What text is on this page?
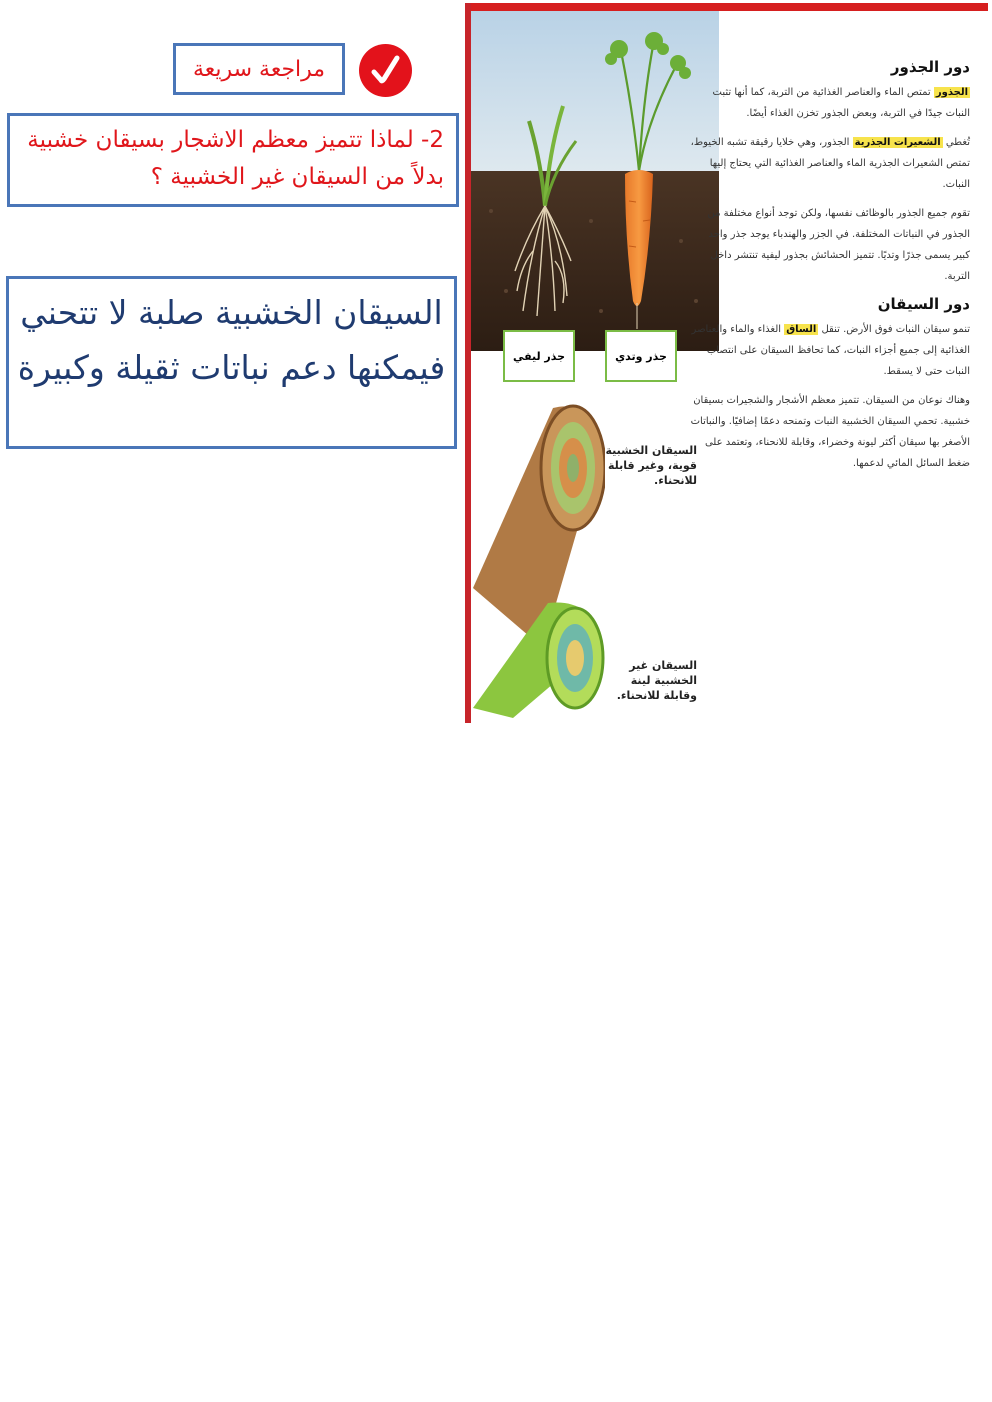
مراجعة سريعة
2- لماذا تتميز معظم الاشجار بسيقان خشبية بدلاً من السيقان غير الخشبية ؟
السيقان الخشبية صلبة لا تتحني فيمكنها دعم نباتات ثقيلة وكبيرة	جذر ليفي	جذر وتدي
السيقان الخشبية قوية، وغير قابلة للانحناء.
السيقان غير الخشبية لينة وقابلة للانحناء.
دور الجذور

الجذور تمتص الماء والعناصر الغذائية من التربة، كما أنها تثبت النبات جيدًا في التربة، وبعض الجذور تخزن الغذاء أيضًا.

تُغطي الشعيرات الجذرية الجذور، وهي خلايا رقيقة تشبه الخيوط، تمتص الشعيرات الجذرية الماء والعناصر الغذائية التي يحتاج إليها النبات.

تقوم جميع الجذور بالوظائف نفسها، ولكن توجد أنواع مختلفة من الجذور في النباتات المختلفة. في الجزر والهندباء يوجد جذر واحد كبير يسمى جذرًا وتديًا. تتميز الحشائش بجذور ليفية تنتشر داخل التربة.

دور السيقان

تنمو سيقان النبات فوق الأرض. تنقل الساق الغذاء والماء والعناصر الغذائية إلى جميع أجزاء النبات، كما تحافظ السيقان على انتصاب النبات حتى لا يسقط.

وهناك نوعان من السيقان. تتميز معظم الأشجار والشجيرات بسيقان خشبية. تحمي السيقان الخشبية النبات وتمنحه دعمًا إضافيًا. والنباتات الأصغر بها سيقان أكثر ليونة وخضراء، وقابلة للانحناء، وتعتمد على ضغط السائل المائي لدعمها.
